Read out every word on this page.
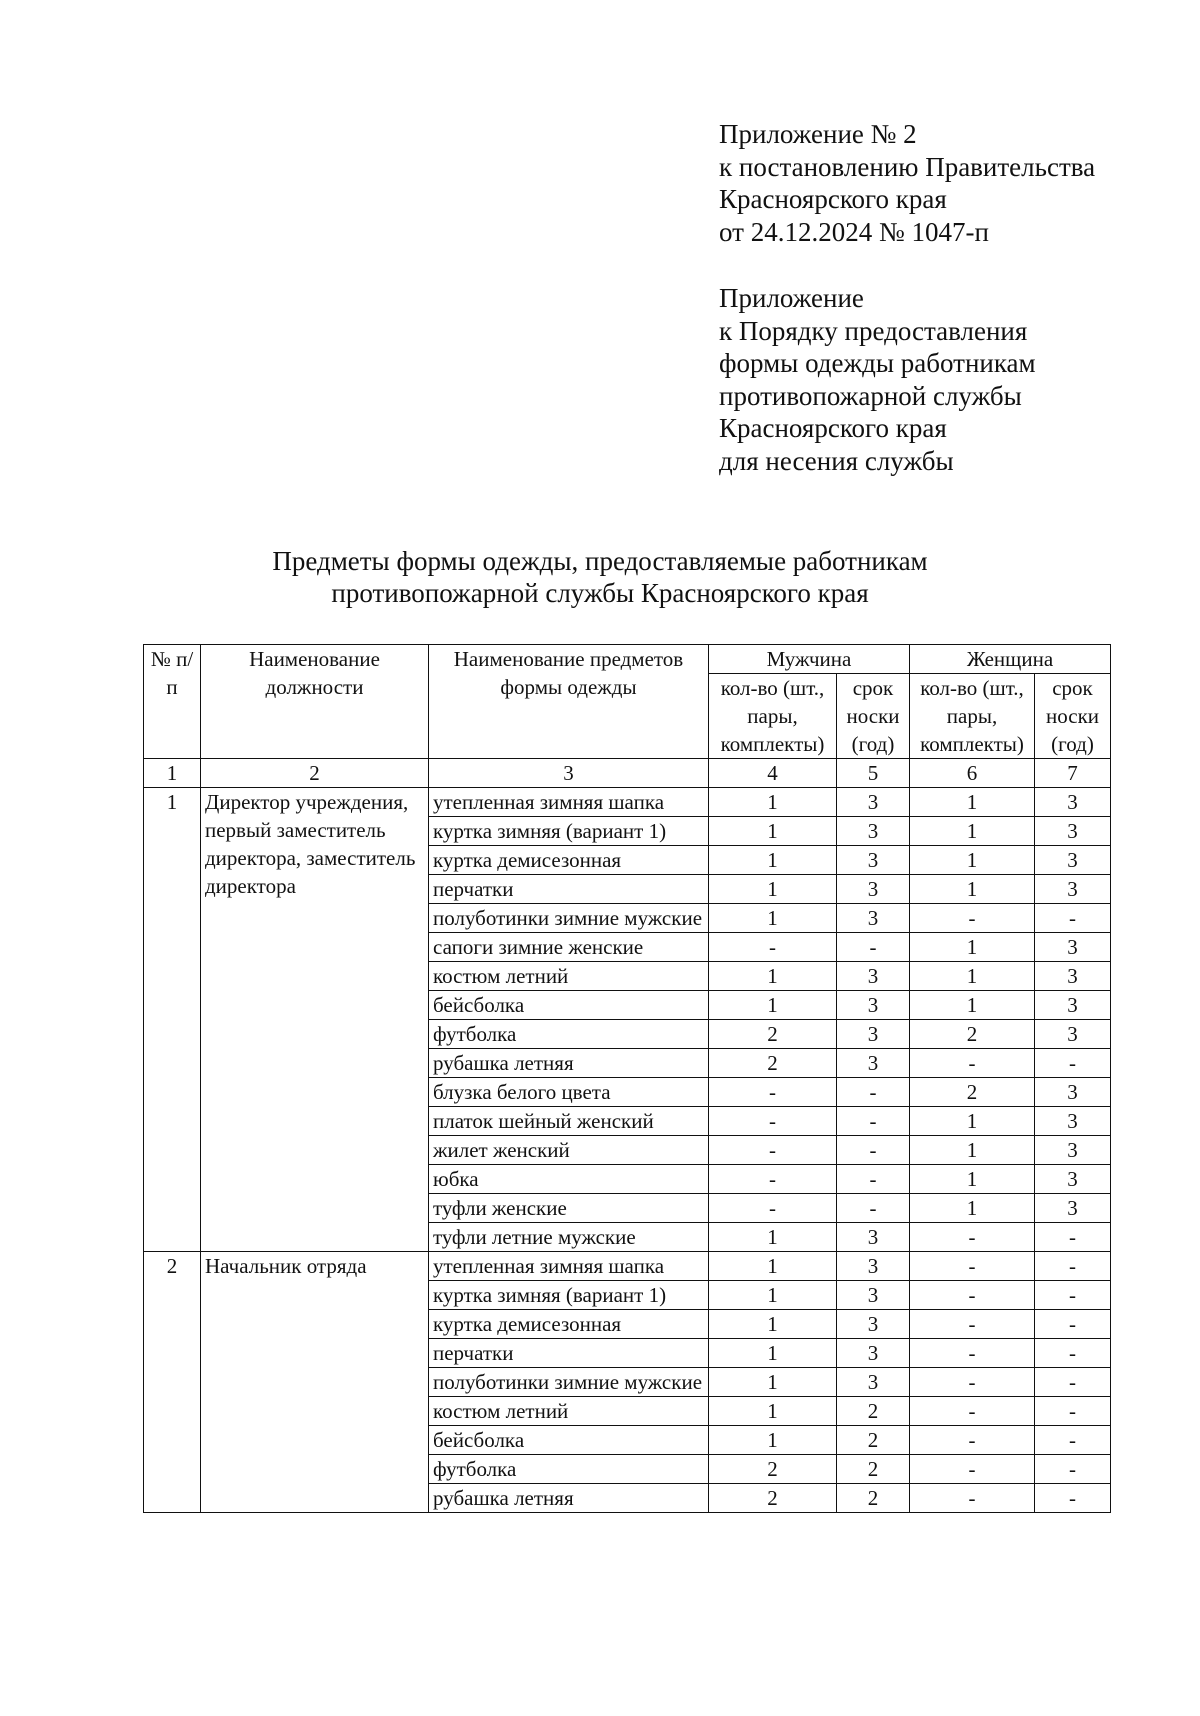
Приложение № 2

к постановлению Правительства

Красноярского края

от 24.12.2024 № 1047-п

Приложение

к Порядку предоставления

формы одежды работникам

противопожарной службы

Красноярского края

для несения службы

Предметы формы одежды, предоставляемые работникам

противопожарной службы Красноярского края

№ п/п	Наименование должности	Наименование предметов формы одежды	Мужчина		Женщина	
			кол-во (шт., пары, комплекты)	срок носки (год)	кол-во (шт., пары, комплекты)	срок носки (год)
1	2	3	4	5	6	7
1	Директор учреждения, первый заместитель директора, заместитель директора	утепленная зимняя шапка	1	3	1	3
		куртка зимняя (вариант 1)	1	3	1	3
		куртка демисезонная	1	3	1	3
		перчатки	1	3	1	3
		полуботинки зимние мужские	1	3	-	-
		сапоги зимние женские	-	-	1	3
		костюм летний	1	3	1	3
		бейсболка	1	3	1	3
		футболка	2	3	2	3
		рубашка летняя	2	3	-	-
		блузка белого цвета	-	-	2	3
		платок шейный женский	-	-	1	3
		жилет женский	-	-	1	3
		юбка	-	-	1	3
		туфли женские	-	-	1	3
		туфли летние мужские	1	3	-	-
2	Начальник отряда	утепленная зимняя шапка	1	3	-	-
		куртка зимняя (вариант 1)	1	3	-	-
		куртка демисезонная	1	3	-	-
		перчатки	1	3	-	-
		полуботинки зимние мужские	1	3	-	-
		костюм летний	1	2	-	-
		бейсболка	1	2	-	-
		футболка	2	2	-	-
		рубашка летняя	2	2	-	-
